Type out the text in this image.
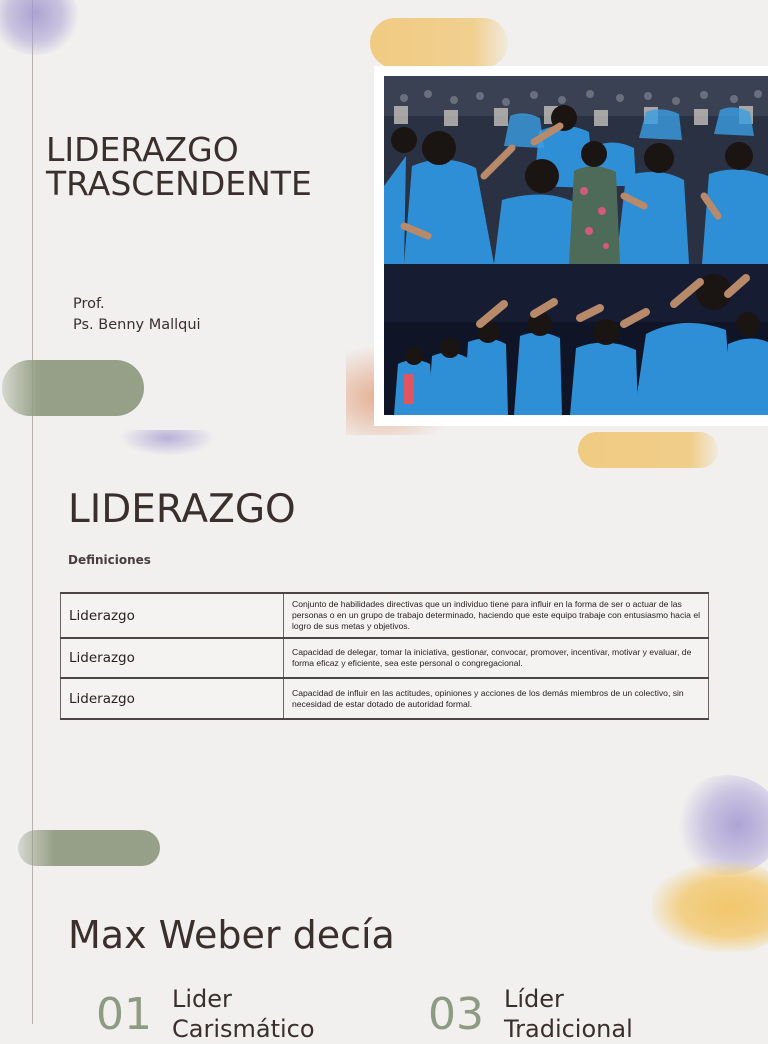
LIDERAZGO
TRASCENDENTE
Prof.
Ps. Benny Mallqui
LIDERAZGO
Definiciones
Liderazgo	Conjunto de habilidades directivas que un individuo tiene para influir en la forma de ser o actuar de las personas o en un grupo de trabajo determinado, haciendo que este equipo trabaje con entusiasmo hacia el logro de sus metas y objetivos.
Liderazgo	Capacidad de delegar, tomar la iniciativa, gestionar, convocar, promover, incentivar, motivar y evaluar, de forma eficaz y eficiente, sea este personal o congregacional.
Liderazgo	Capacidad de influir en las actitudes, opiniones y acciones de los demás miembros de un colectivo, sin necesidad de estar dotado de autoridad formal.
Max Weber decía
01 Lider
Carismático	03 Líder
Tradicional
